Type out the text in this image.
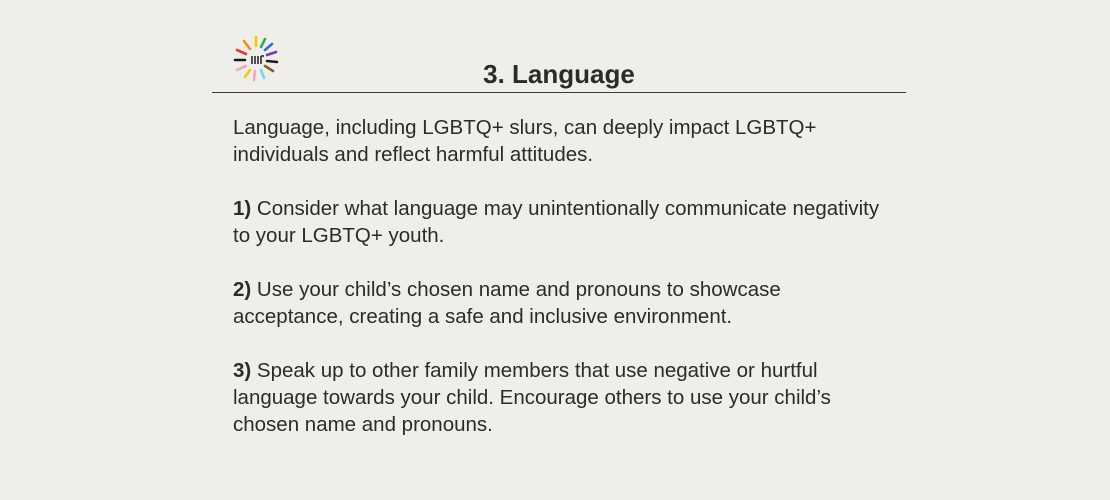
3. Language

Language, including LGBTQ+ slurs, can deeply impact LGBTQ+ individuals and reflect harmful attitudes.

1) Consider what language may unintentionally communicate negativity to your LGBTQ+ youth.

2) Use your child’s chosen name and pronouns to showcase acceptance, creating a safe and inclusive environment.

3) Speak up to other family members that use negative or hurtful language towards your child. Encourage others to use your child’s chosen name and pronouns.
